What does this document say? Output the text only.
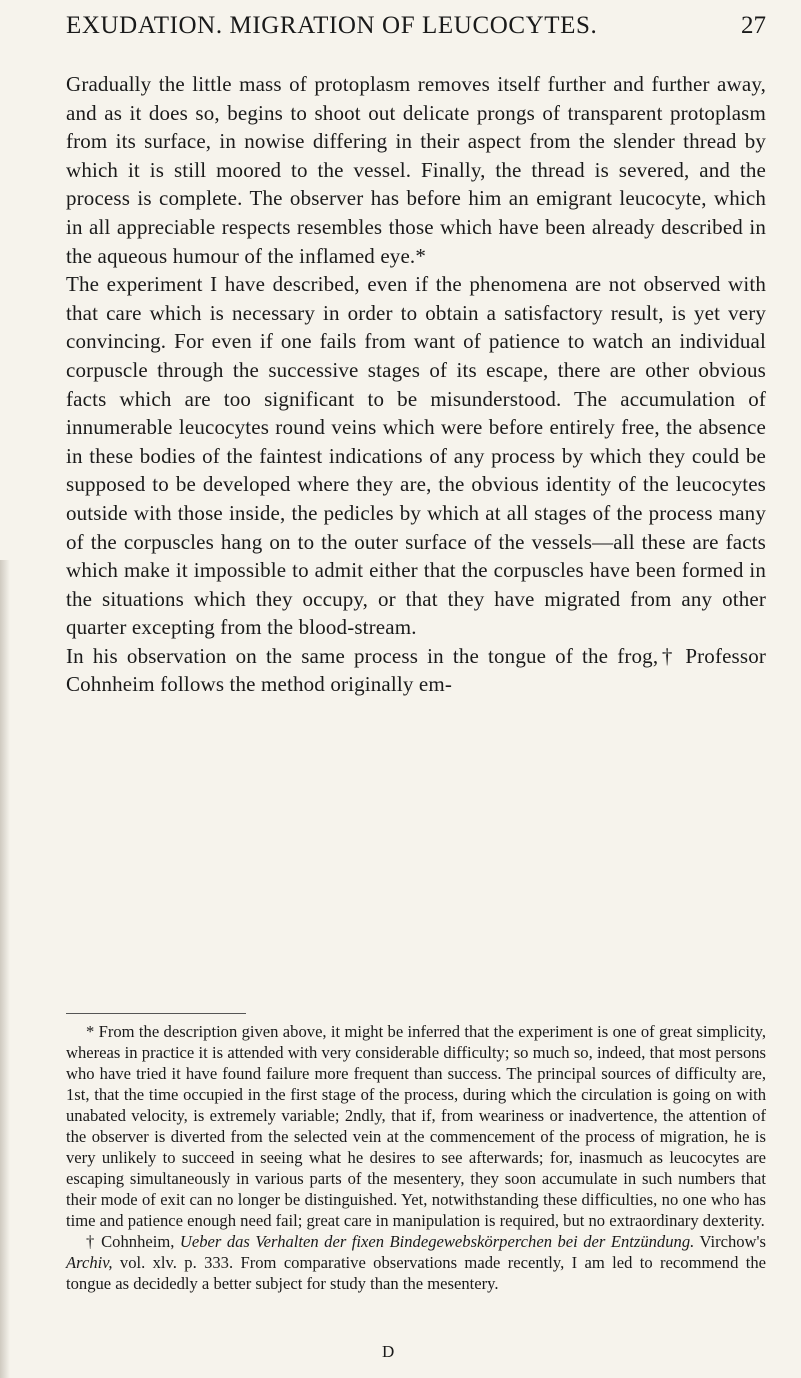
EXUDATION. MIGRATION OF LEUCOCYTES.	27

Gradually the little mass of protoplasm removes itself further and further away, and as it does so, begins to shoot out delicate prongs of transparent protoplasm from its surface, in nowise differing in their aspect from the slender thread by which it is still moored to the vessel. Finally, the thread is severed, and the process is complete. The observer has before him an emigrant leucocyte, which in all appreciable respects resembles those which have been already described in the aqueous humour of the inflamed eye.*

The experiment I have described, even if the phenomena are not observed with that care which is necessary in order to obtain a satisfactory result, is yet very convincing. For even if one fails from want of patience to watch an individual corpuscle through the successive stages of its escape, there are other obvious facts which are too significant to be misunderstood. The accumulation of innumerable leucocytes round veins which were before entirely free, the absence in these bodies of the faintest indications of any process by which they could be supposed to be developed where they are, the obvious identity of the leucocytes outside with those inside, the pedicles by which at all stages of the process many of the corpuscles hang on to the outer surface of the vessels—all these are facts which make it impossible to admit either that the corpuscles have been formed in the situations which they occupy, or that they have migrated from any other quarter excepting from the blood-stream.

In his observation on the same process in the tongue of the frog,† Professor Cohnheim follows the method originally em-

* From the description given above, it might be inferred that the experiment is one of great simplicity, whereas in practice it is attended with very considerable difficulty; so much so, indeed, that most persons who have tried it have found failure more frequent than success. The principal sources of difficulty are, 1st, that the time occupied in the first stage of the process, during which the circulation is going on with unabated velocity, is extremely variable; 2ndly, that if, from weariness or inadvertence, the attention of the observer is diverted from the selected vein at the commencement of the process of migration, he is very unlikely to succeed in seeing what he desires to see afterwards; for, inasmuch as leucocytes are escaping simultaneously in various parts of the mesentery, they soon accumulate in such numbers that their mode of exit can no longer be distinguished. Yet, notwithstanding these difficulties, no one who has time and patience enough need fail; great care in manipulation is required, but no extraordinary dexterity.

† Cohnheim, Ueber das Verhalten der fixen Bindegewebskörperchen bei der Entzündung. Virchow's Archiv, vol. xlv. p. 333. From comparative observations made recently, I am led to recommend the tongue as decidedly a better subject for study than the mesentery.

D
